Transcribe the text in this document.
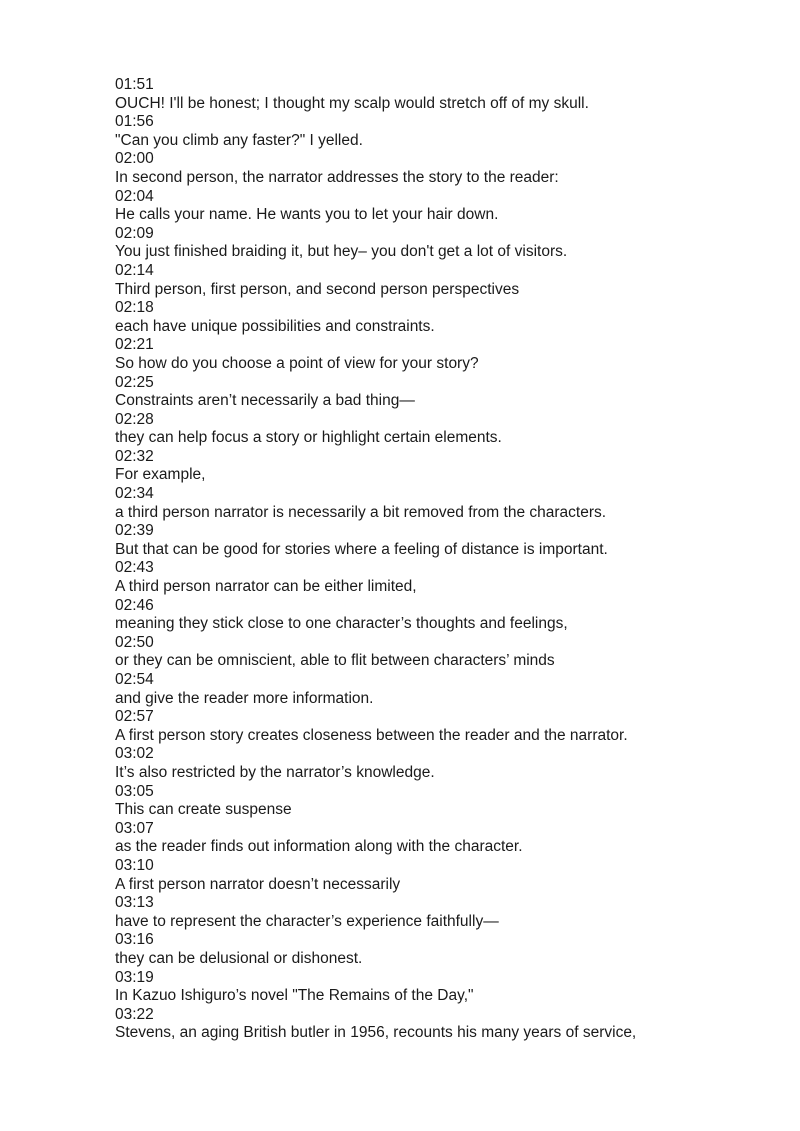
01:51
OUCH! I'll be honest; I thought my scalp would stretch off of my skull.
01:56
"Can you climb any faster?" I yelled.
02:00
In second person, the narrator addresses the story to the reader:
02:04
He calls your name. He wants you to let your hair down.
02:09
You just finished braiding it, but hey– you don't get a lot of visitors.
02:14
Third person, first person, and second person perspectives
02:18
each have unique possibilities and constraints.
02:21
So how do you choose a point of view for your story?
02:25
Constraints aren’t necessarily a bad thing—
02:28
they can help focus a story or highlight certain elements.
02:32
For example,
02:34
a third person narrator is necessarily a bit removed from the characters.
02:39
But that can be good for stories where a feeling of distance is important.
02:43
A third person narrator can be either limited,
02:46
meaning they stick close to one character’s thoughts and feelings,
02:50
or they can be omniscient, able to flit between characters’ minds
02:54
and give the reader more information.
02:57
A first person story creates closeness between the reader and the narrator.
03:02
It’s also restricted by the narrator’s knowledge.
03:05
This can create suspense
03:07
as the reader finds out information along with the character.
03:10
A first person narrator doesn’t necessarily
03:13
have to represent the character’s experience faithfully—
03:16
they can be delusional or dishonest.
03:19
In Kazuo Ishiguro’s novel "The Remains of the Day,"
03:22
Stevens, an aging British butler in 1956, recounts his many years of service,
